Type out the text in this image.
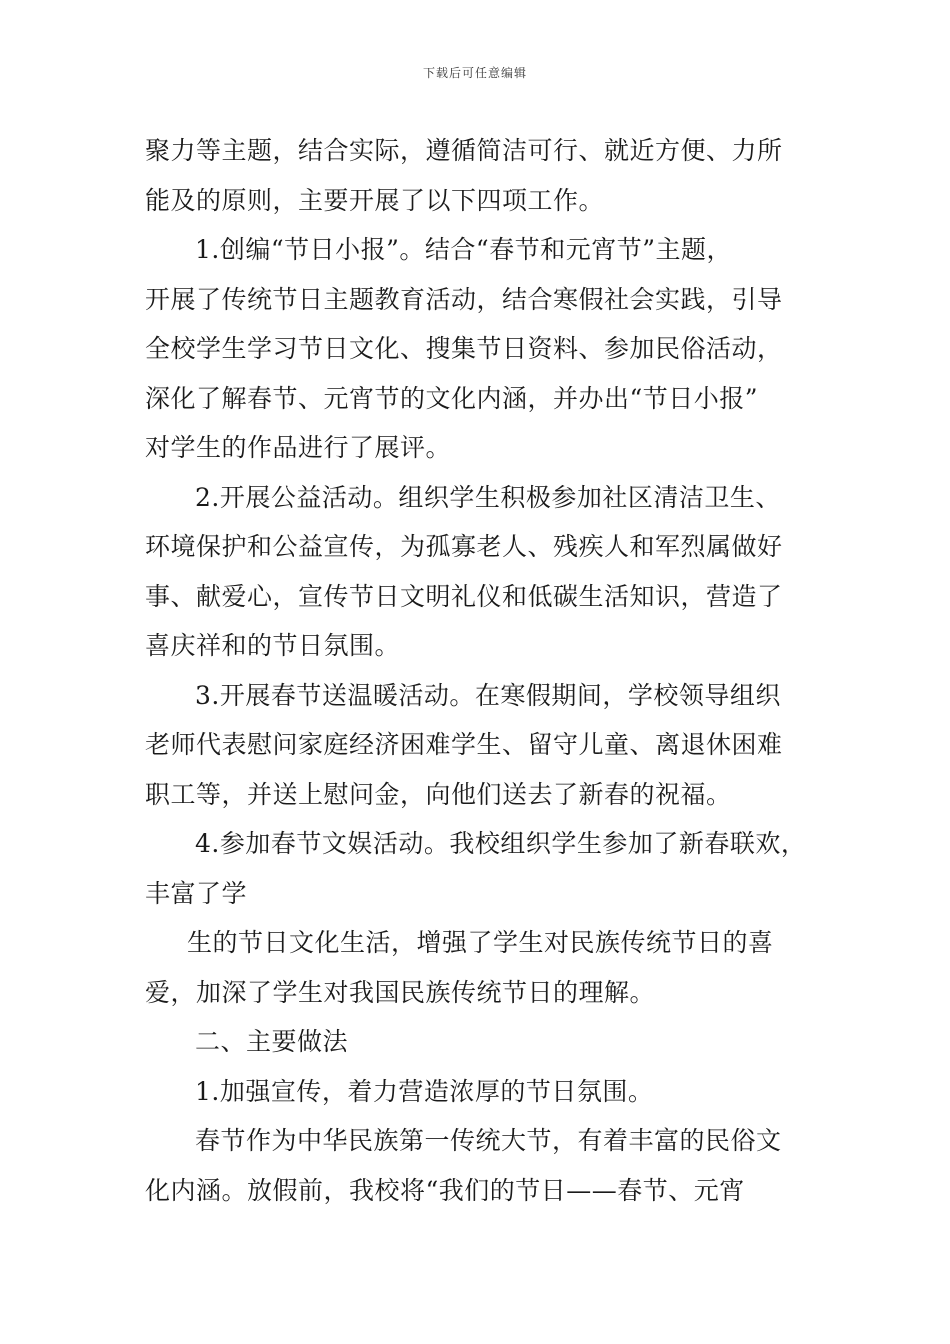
下载后可任意编辑
聚力等主题，结合实际，遵循简洁可行、就近方便、力所
能及的原则，主要开展了以下四项工作。
1.创编“节日小报”。结合“春节和元宵节”主题，
开展了传统节日主题教育活动，结合寒假社会实践，引导
全校学生学习节日文化、搜集节日资料、参加民俗活动，
深化了解春节、元宵节的文化内涵，并办出“节日小报”
对学生的作品进行了展评。
2.开展公益活动。组织学生积极参加社区清洁卫生、
环境保护和公益宣传，为孤寡老人、残疾人和军烈属做好
事、献爱心，宣传节日文明礼仪和低碳生活知识，营造了
喜庆祥和的节日氛围。
3.开展春节送温暖活动。在寒假期间，学校领导组织
老师代表慰问家庭经济困难学生、留守儿童、离退休困难
职工等，并送上慰问金，向他们送去了新春的祝福。
4.参加春节文娱活动。我校组织学生参加了新春联欢，
丰富了学
生的节日文化生活，增强了学生对民族传统节日的喜
爱，加深了学生对我国民族传统节日的理解。
二、主要做法
1.加强宣传，着力营造浓厚的节日氛围。
春节作为中华民族第一传统大节，有着丰富的民俗文
化内涵。放假前，我校将“我们的节日——春节、元宵
